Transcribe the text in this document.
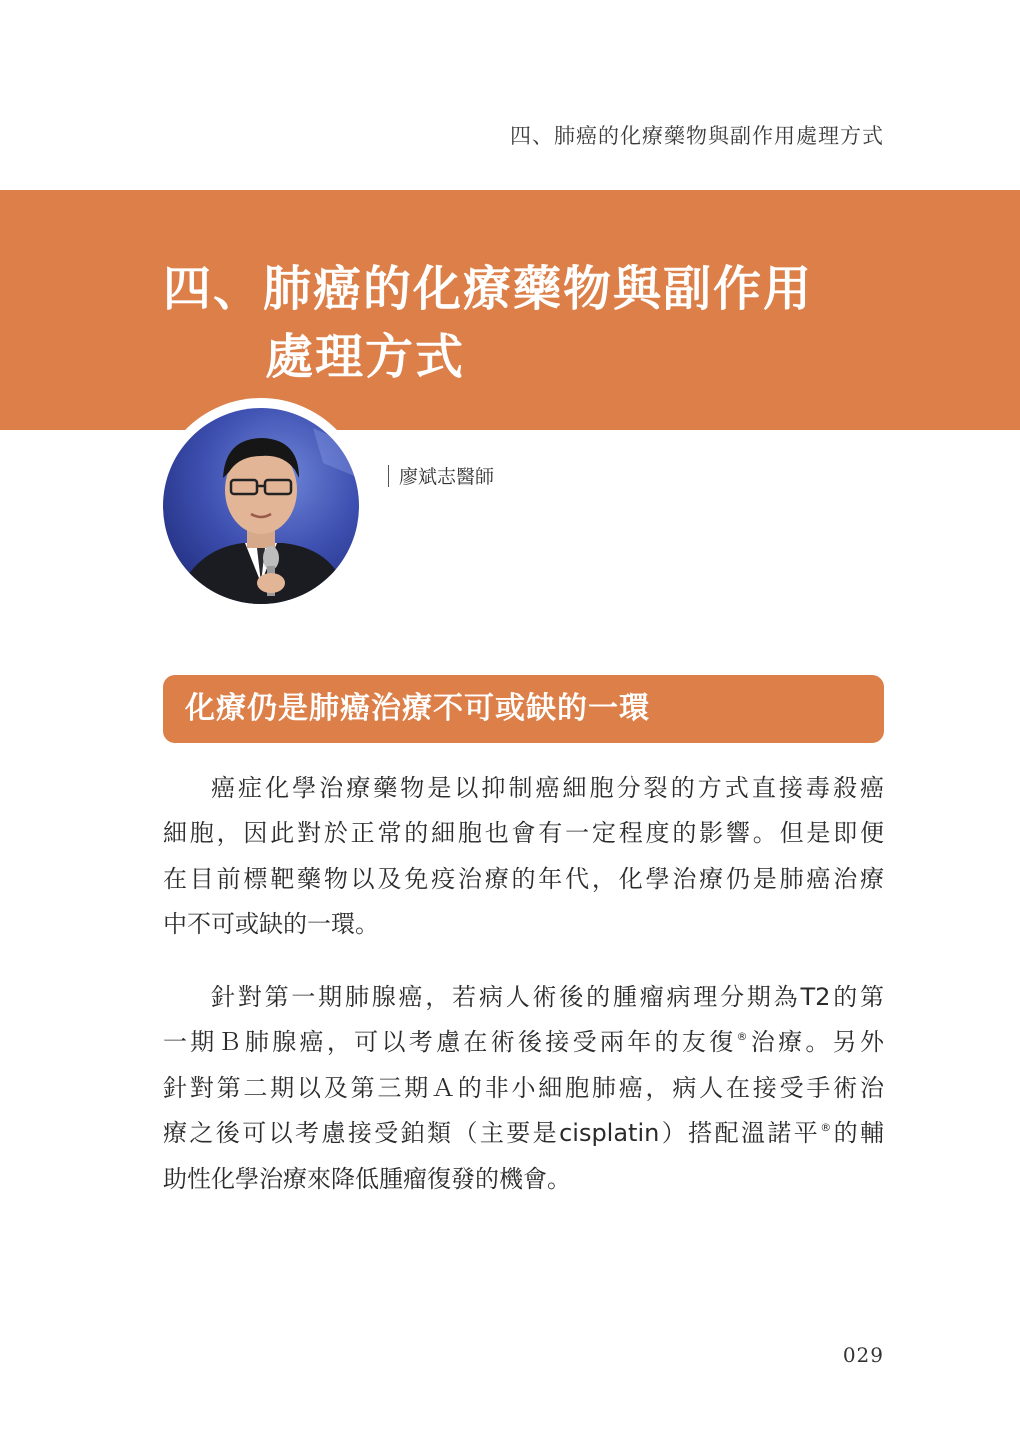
四、肺癌的化療藥物與副作用處理方式
四、肺癌的化療藥物與副作用
處理方式
廖斌志醫師
化療仍是肺癌治療不可或缺的一環
癌症化學治療藥物是以抑制癌細胞分裂的方式直接毒殺癌
細胞，因此對於正常的細胞也會有一定程度的影響。但是即便
在目前標靶藥物以及免疫治療的年代，化學治療仍是肺癌治療
中不可或缺的一環。
針對第一期肺腺癌，若病人術後的腫瘤病理分期為T2的第
一期Ｂ肺腺癌，可以考慮在術後接受兩年的友復®治療。另外
針對第二期以及第三期Ａ的非小細胞肺癌，病人在接受手術治
療之後可以考慮接受鉑類（主要是cisplatin）搭配溫諾平®的輔
助性化學治療來降低腫瘤復發的機會。
029
